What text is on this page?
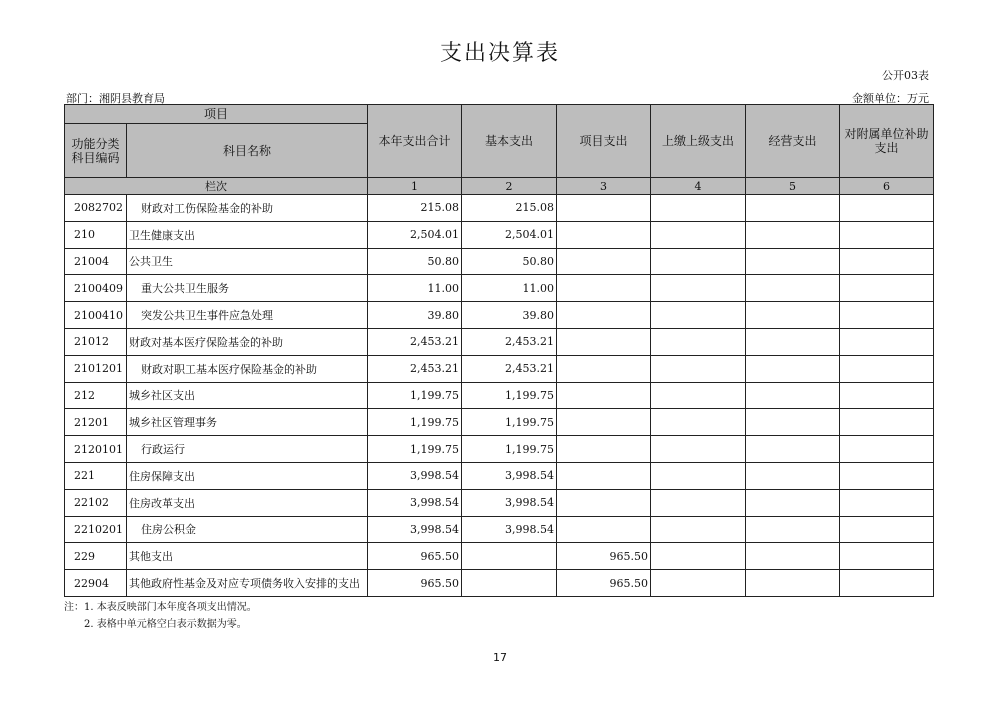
支出决算表
公开03表
部门：湘阴县教育局	金额单位：万元
项目		本年支出合计	基本支出	项目支出	上缴上级支出	经营支出	对附属单位补助支出
功能分类科目编码	科目名称						
栏次		1	2	3	4	5	6
2082702	财政对工伤保险基金的补助	215.08	215.08				
210	卫生健康支出	2,504.01	2,504.01				
21004	公共卫生	50.80	50.80				
2100409	重大公共卫生服务	11.00	11.00				
2100410	突发公共卫生事件应急处理	39.80	39.80				
21012	财政对基本医疗保险基金的补助	2,453.21	2,453.21				
2101201	财政对职工基本医疗保险基金的补助	2,453.21	2,453.21				
212	城乡社区支出	1,199.75	1,199.75				
21201	城乡社区管理事务	1,199.75	1,199.75				
2120101	行政运行	1,199.75	1,199.75				
221	住房保障支出	3,998.54	3,998.54				
22102	住房改革支出	3,998.54	3,998.54				
2210201	住房公积金	3,998.54	3,998.54				
229	其他支出	965.50		965.50			
22904	其他政府性基金及对应专项债务收入安排的支出	965.50		965.50			
注：1. 本表反映部门本年度各项支出情况。
2. 表格中单元格空白表示数据为零。
17
